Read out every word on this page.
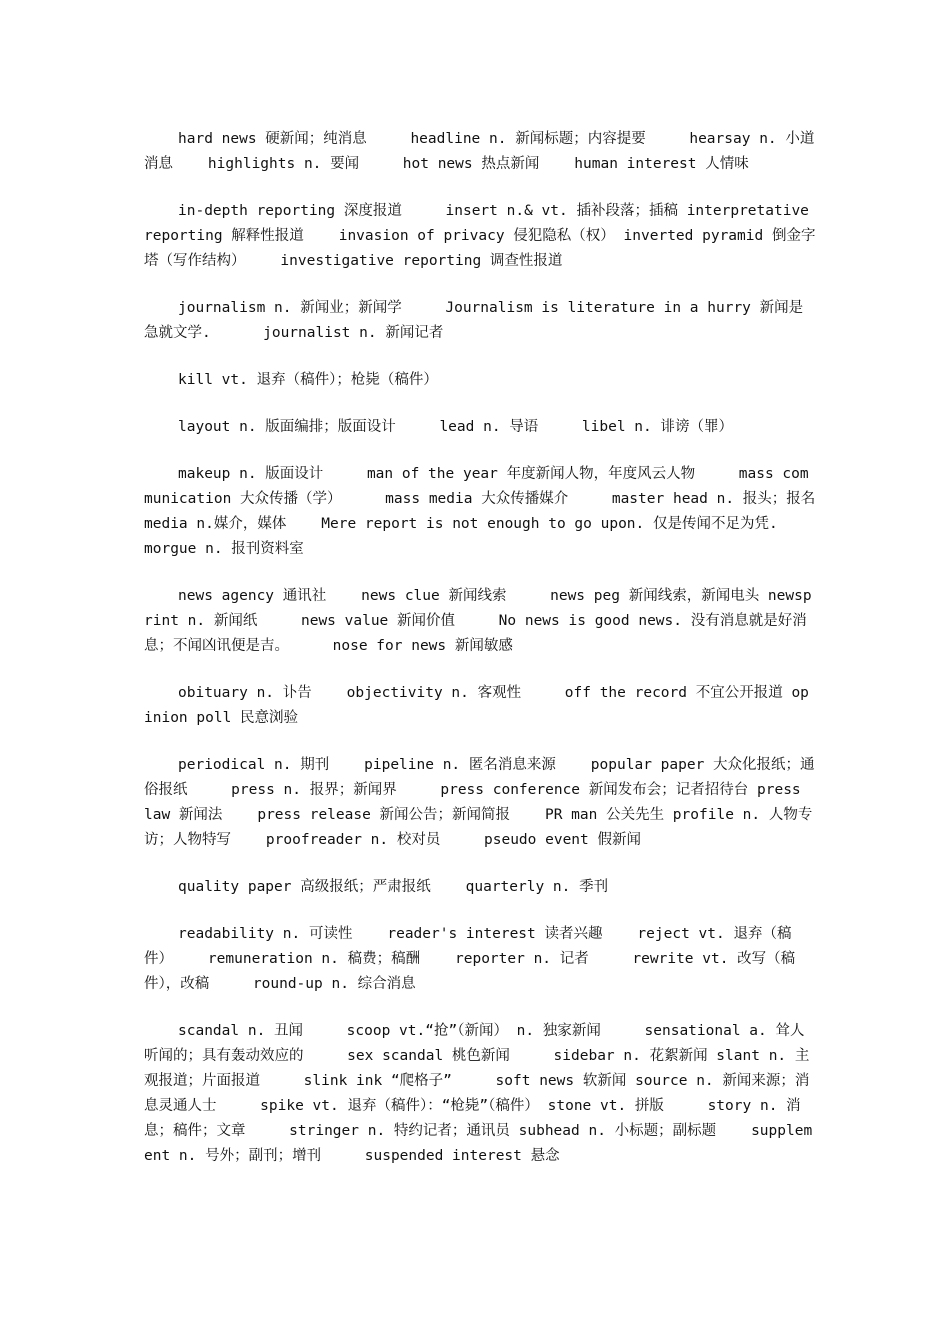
hard news 硬新闻；纯消息     headline n. 新闻标题；内容提要     hearsay n. 小道消息    highlights n. 要闻     hot news 热点新闻    human interest 人情味

in-depth reporting 深度报道     insert n.& vt. 插补段落；插稿 interpretative reporting 解释性报道    invasion of privacy 侵犯隐私（权） inverted pyramid 倒金字塔（写作结构）    investigative reporting 调查性报道

journalism n. 新闻业；新闻学     Journalism is literature in a hurry 新闻是急就文学.      journalist n. 新闻记者

kill vt. 退弃（稿件）；枪毙（稿件）

layout n. 版面编排；版面设计     lead n. 导语     libel n. 诽谤（罪）

makeup n. 版面设计     man of the year 年度新闻人物，年度风云人物     mass communication 大众传播（学）     mass media 大众传播媒介     master head n. 报头；报名    media n.媒介，媒体    Mere report is not enough to go upon. 仅是传闻不足为凭.     morgue n. 报刊资料室

news agency 通讯社    news clue 新闻线索     news peg 新闻线索，新闻电头 newsprint n. 新闻纸     news value 新闻价值     No news is good news. 没有消息就是好消息；不闻凶讯便是吉。     nose for news 新闻敏感

obituary n. 讣告    objectivity n. 客观性     off the record 不宜公开报道 opinion poll 民意浏验

periodical n. 期刊    pipeline n. 匿名消息来源    popular paper 大众化报纸；通俗报纸     press n. 报界；新闻界     press conference 新闻发布会；记者招待台 press law 新闻法    press release 新闻公告；新闻简报    PR man 公关先生 profile n. 人物专访；人物特写    proofreader n. 校对员     pseudo event 假新闻

quality paper 高级报纸；严肃报纸    quarterly n. 季刊

readability n. 可读性    reader's interest 读者兴趣    reject vt. 退弃（稿件）    remuneration n. 稿费；稿酬    reporter n. 记者     rewrite vt. 改写（稿件），改稿     round-up n. 综合消息

scandal n. 丑闻     scoop vt.“抢”（新闻） n. 独家新闻     sensational a. 耸人听闻的；具有轰动效应的     sex scandal 桃色新闻     sidebar n. 花絮新闻 slant n. 主观报道；片面报道     slink ink “爬格子”     soft news 软新闻 source n. 新闻来源；消息灵通人士     spike vt. 退弃（稿件）：“枪毙”（稿件） stone vt. 拼版     story n. 消息；稿件；文章     stringer n. 特约记者；通讯员 subhead n. 小标题；副标题    supplement n. 号外；副刊；增刊     suspended interest 悬念
